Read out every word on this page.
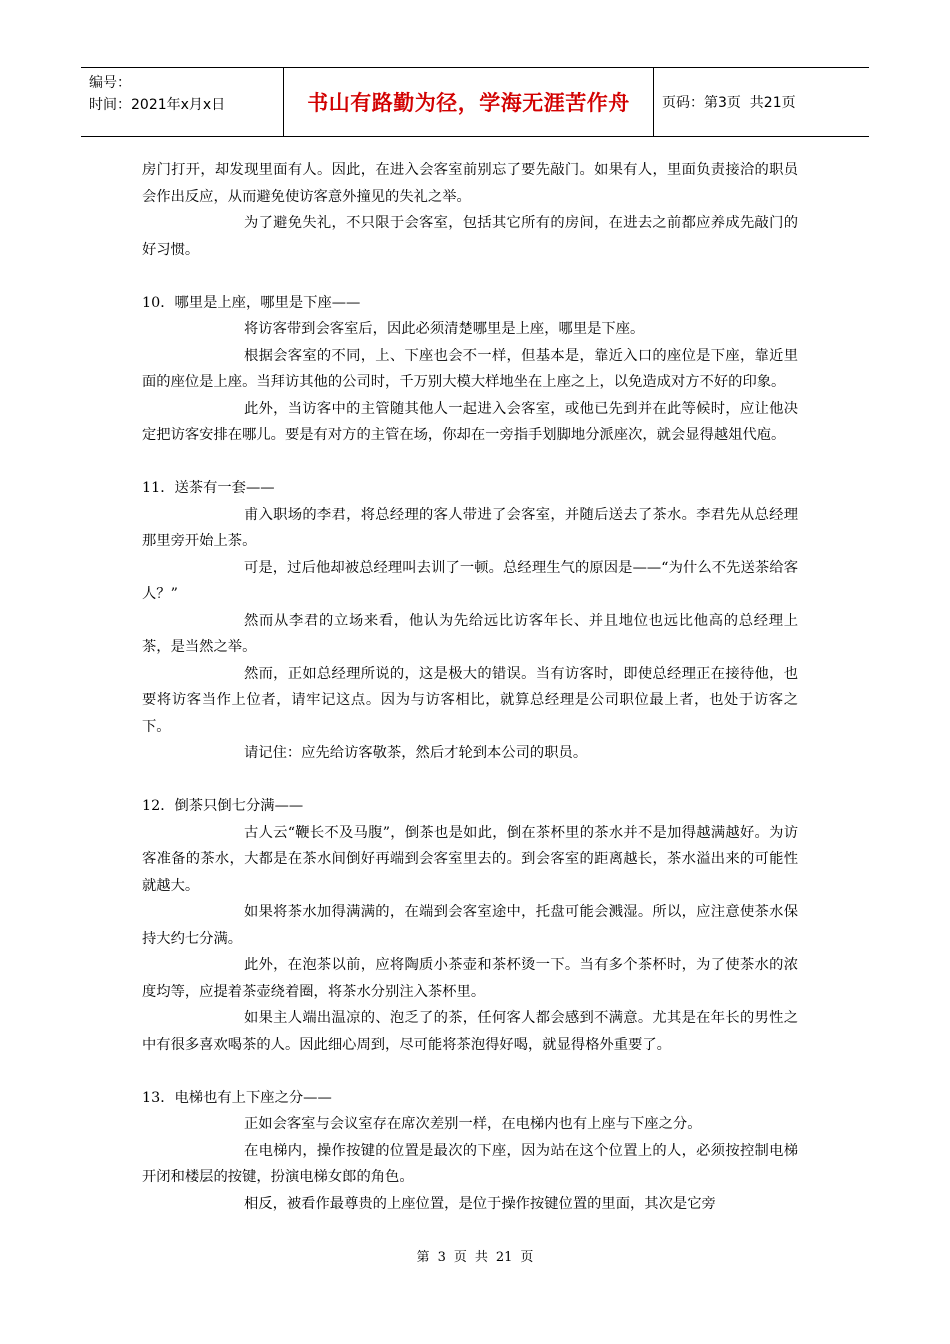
编号：
时间：2021年x月x日	书山有路勤为径，学海无涯苦作舟	页码：第3页  共21页

房门打开，却发现里面有人。因此，在进入会客室前别忘了要先敲门。如果有人，里面负责接洽的职员会作出反应，从而避免使访客意外撞见的失礼之举。

为了避免失礼，不只限于会客室，包括其它所有的房间，在进去之前都应养成先敲门的好习惯。

10．哪里是上座，哪里是下座——

将访客带到会客室后，因此必须清楚哪里是上座，哪里是下座。

根据会客室的不同，上、下座也会不一样，但基本是，靠近入口的座位是下座，靠近里面的座位是上座。当拜访其他的公司时，千万别大模大样地坐在上座之上，以免造成对方不好的印象。

此外，当访客中的主管随其他人一起进入会客室，或他已先到并在此等候时，应让他决定把访客安排在哪儿。要是有对方的主管在场，你却在一旁指手划脚地分派座次，就会显得越俎代庖。

11．送茶有一套——

甫入职场的李君，将总经理的客人带进了会客室，并随后送去了茶水。李君先从总经理那里旁开始上茶。

可是，过后他却被总经理叫去训了一顿。总经理生气的原因是——“为什么不先送茶给客人？”

然而从李君的立场来看，他认为先给远比访客年长、并且地位也远比他高的总经理上茶，是当然之举。

然而，正如总经理所说的，这是极大的错误。当有访客时，即使总经理正在接待他，也要将访客当作上位者，请牢记这点。因为与访客相比，就算总经理是公司职位最上者，也处于访客之下。

请记住：应先给访客敬茶，然后才轮到本公司的职员。

12．倒茶只倒七分满——

古人云“鞭长不及马腹”，倒茶也是如此，倒在茶杯里的茶水并不是加得越满越好。为访客准备的茶水，大都是在茶水间倒好再端到会客室里去的。到会客室的距离越长，茶水溢出来的可能性就越大。

如果将茶水加得满满的，在端到会客室途中，托盘可能会溅湿。所以，应注意使茶水保持大约七分满。

此外，在泡茶以前，应将陶质小茶壶和茶杯烫一下。当有多个茶杯时，为了使茶水的浓度均等，应提着茶壶绕着圈，将茶水分别注入茶杯里。

如果主人端出温凉的、泡乏了的茶，任何客人都会感到不满意。尤其是在年长的男性之中有很多喜欢喝茶的人。因此细心周到，尽可能将茶泡得好喝，就显得格外重要了。

13．电梯也有上下座之分——

正如会客室与会议室存在席次差别一样，在电梯内也有上座与下座之分。

在电梯内，操作按键的位置是最次的下座，因为站在这个位置上的人，必须按控制电梯开闭和楼层的按键，扮演电梯女郎的角色。

相反，被看作最尊贵的上座位置，是位于操作按键位置的里面，其次是它旁

第 3 页 共 21 页
